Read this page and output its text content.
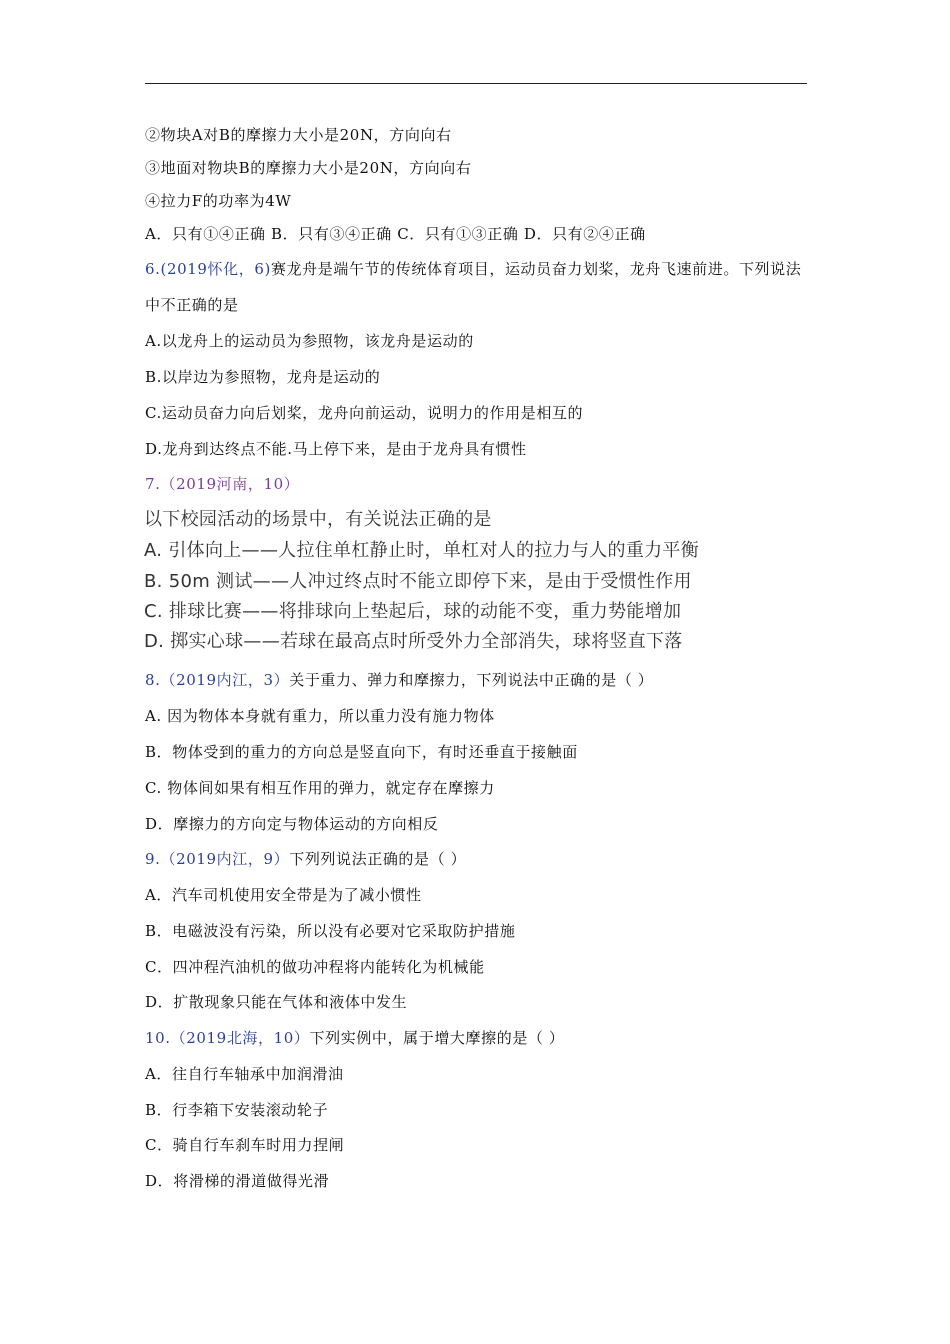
②物块A对B的摩擦力大小是20N，方向向右
③地面对物块B的摩擦力大小是20N，方向向右
④拉力F的功率为4W
A．只有①④正确 B．只有③④正确 C．只有①③正确 D．只有②④正确
6.(2019怀化，6)赛龙舟是端午节的传统体育项目，运动员奋力划桨，龙舟飞速前进。下列说法
中不正确的是
A.以龙舟上的运动员为参照物，该龙舟是运动的
B.以岸边为参照物，龙舟是运动的
C.运动员奋力向后划桨，龙舟向前运动，说明力的作用是相互的
D.龙舟到达终点不能.马上停下来，是由于龙舟具有惯性
7.（2019河南，10）
以下校园活动的场景中，有关说法正确的是
A. 引体向上——人拉住单杠静止时，单杠对人的拉力与人的重力平衡
B. 50m 测试——人冲过终点时不能立即停下来，是由于受惯性作用
C. 排球比赛——将排球向上垫起后，球的动能不变，重力势能增加
D. 掷实心球——若球在最高点时所受外力全部消失，球将竖直下落
8.（2019内江，3）关于重力、弹力和摩擦力，下列说法中正确的是（ ）
A. 因为物体本身就有重力，所以重力没有施力物体
B．物体受到的重力的方向总是竖直向下，有时还垂直于接触面
C. 物体间如果有相互作用的弹力，就定存在摩擦力
D．摩擦力的方向定与物体运动的方向相反
9.（2019内江，9）下列列说法正确的是（ ）
A．汽车司机使用安全带是为了减小惯性
B．电磁波没有污染，所以没有必要对它采取防护措施
C．四冲程汽油机的做功冲程将内能转化为机械能
D．扩散现象只能在气体和液体中发生
10.（2019北海，10）下列实例中，属于增大摩擦的是（ ）
A．往自行车轴承中加润滑油
B．行李箱下安装滚动轮子
C．骑自行车刹车时用力捏闸
D．将滑梯的滑道做得光滑
